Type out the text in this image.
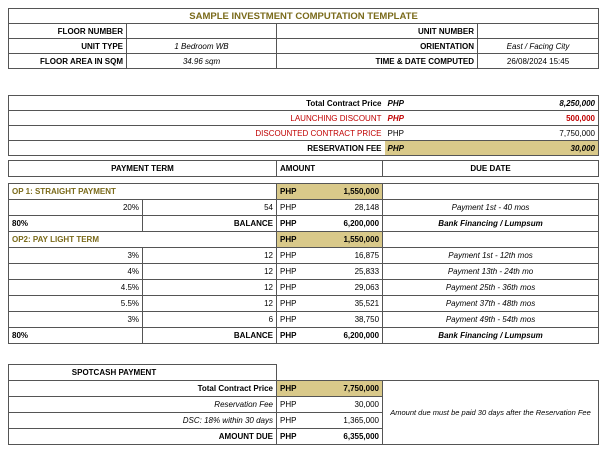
SAMPLE INVESTMENT COMPUTATION TEMPLATE			
FLOOR NUMBER		UNIT NUMBER	
UNIT TYPE	1 Bedroom WB	ORIENTATION	East / Facing City
FLOOR AREA IN SQM	34.96 sqm	TIME & DATE COMPUTED	26/08/2024 15:45
Total Contract Price	PHP	8,250,000
LAUNCHING DISCOUNT	PHP	500,000
DISCOUNTED CONTRACT PRICE	PHP	7,750,000
RESERVATION FEE	PHP	30,000
PAYMENT TERM		AMOUNT		DUE DATE

OP 1: STRAIGHT PAYMENT		PHP	1,550,000	
20%	54	PHP	28,148	Payment 1st - 40 mos
80%	BALANCE	PHP	6,200,000	Bank Financing / Lumpsum
OP2: PAY LIGHT TERM		PHP	1,550,000	
3%	12	PHP	16,875	Payment 1st - 12th mos
4%	12	PHP	25,833	Payment 13th - 24th mo
4.5%	12	PHP	29,063	Payment 25th - 36th mos
5.5%	12	PHP	35,521	Payment 37th - 48th mos
3%	6	PHP	38,750	Payment 49th - 54th mos
80%	BALANCE	PHP	6,200,000	Bank Financing / Lumpsum
SPOTCASH PAYMENT			
Total Contract Price	PHP	7,750,000	Amount due must be paid 30 days after the Reservation Fee
Reservation Fee	PHP	30,000	
DSC: 18% within 30 days	PHP	1,365,000	
AMOUNT DUE	PHP	6,355,000	
